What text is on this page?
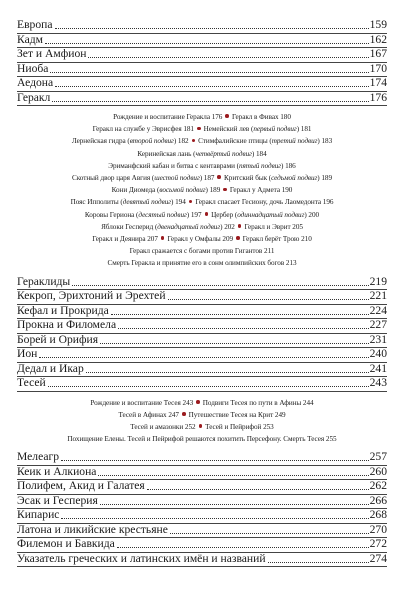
Европа	159
Кадм	162
Зет и Амфион	167
Ниоба	170
Аедона	174
Геракл	176
Рождение и воспитание Геракла 176 Геракл в Фивах 180
Геракл на службе у Эврисфея 181 Немейский лев (первый подвиг) 181
Лернейская гидра (второй подвиг) 182 Стимфалийские птицы (третий подвиг) 183
Керинейская лань (четвёртый подвиг) 184
Эриманфский кабан и битва с кентаврами (пятый подвиг) 186
Скотный двор царя Авгия (шестой подвиг) 187 Критский бык (седьмой подвиг) 189
Кони Диомеда (восьмой подвиг) 189 Геракл у Адмета 190
Пояс Ипполиты (девятый подвиг) 194 Геракл спасает Гесиону, дочь Лаомедонта 196
Коровы Гериона (десятый подвиг) 197 Цербер (одиннадцатый подвиг) 200
Яблоки Гесперид (двенадцатый подвиг) 202 Геракл и Эврит 205
Геракл и Деянира 207 Геракл у Омфалы 209 Геракл берёт Трою 210
Геракл сражается с богами против Гигантов 211
Смерть Геракла и принятие его в сонм олимпийских богов 213
Гераклиды	219
Кекроп, Эрихтоний и Эрехтей	221
Кефал и Прокрида	224
Прокна и Филомела	227
Борей и Орифия	231
Ион	240
Дедал и Икар	241
Тесей	243
Рождение и воспитание Тесея 243 Подвиги Тесея по пути в Афины 244
Тесей в Афинах 247 Путешествие Тесея на Крит 249
Тесей и амазонки 252 Тесей и Пейрифой 253
Похищение Елены. Тесей и Пейрифой решаются похитить Персефону. Смерть Тесея 255
Мелеагр	257
Кеик и Алкиона	260
Полифем, Акид и Галатея	262
Эсак и Гесперия	266
Кипарис	268
Латона и ликийские крестьяне	270
Филемон и Бавкида	272
Указатель греческих и латинских имён и названий	274
